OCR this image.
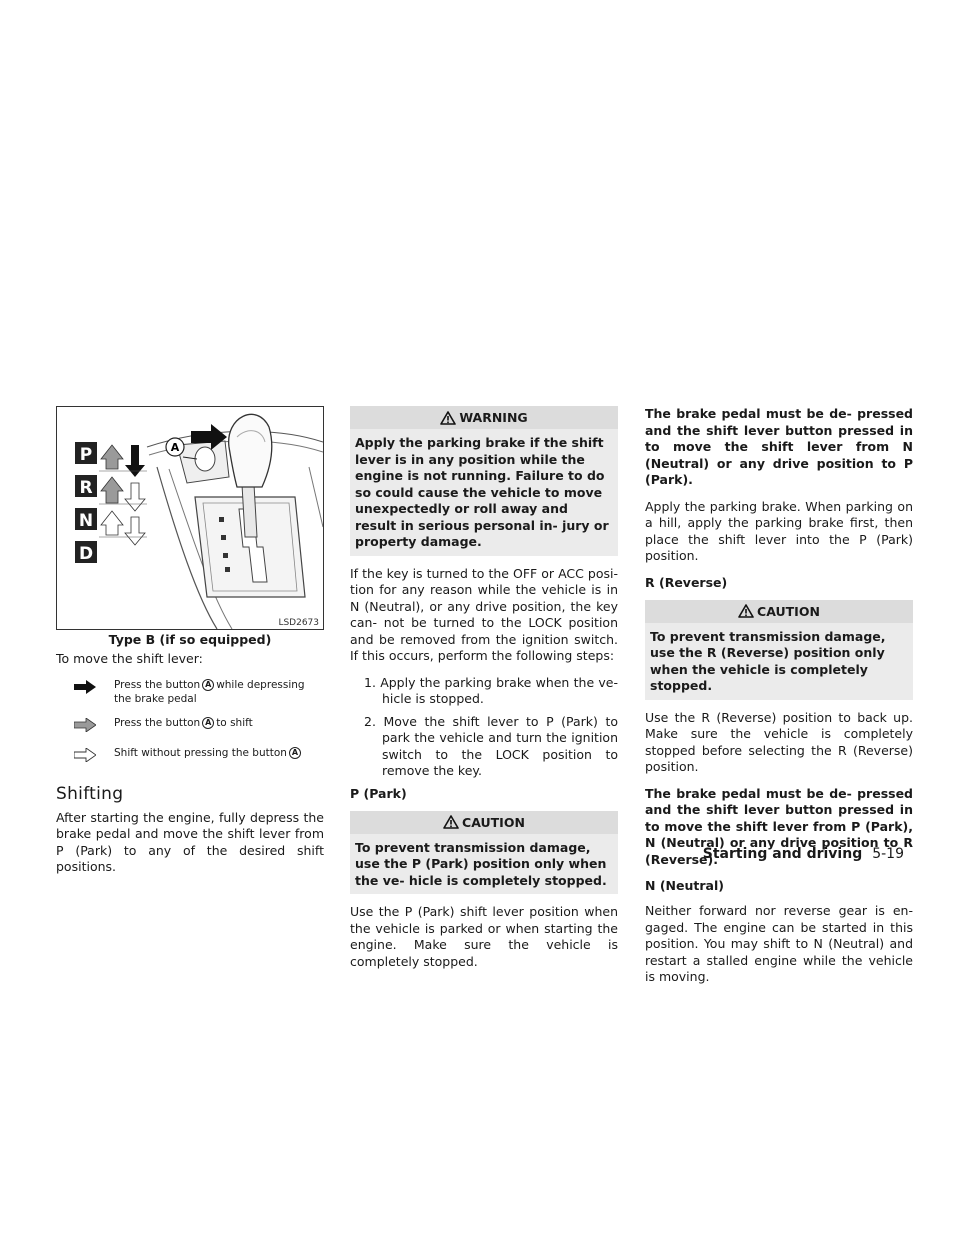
A
P
R
N
D
LSD2673
Type B (if so equipped)

To move the shift lever:

Press the button A while depressing the brake pedal
Press the button A to shift
Shift without pressing the button A
Shifting

After starting the engine, fully depress the brake pedal and move the shift lever from P (Park) to any of the desired shift positions.

WARNING
Apply the parking brake if the shift lever is in any position while the engine is not running. Failure to do so could cause the vehicle to move unexpectedly or roll away and result in serious personal in- jury or property damage.

If the key is turned to the OFF or ACC posi- tion for any reason while the vehicle is in N (Neutral), or any drive position, the key can- not be turned to the LOCK position and be removed from the ignition switch. If this occurs, perform the following steps:

1. Apply the parking brake when the ve- hicle is stopped.
2. Move the shift lever to P (Park) to park the vehicle and turn the ignition switch to the LOCK position to remove the key.
P (Park)
CAUTION
To prevent transmission damage, use the P (Park) position only when the ve- hicle is completely stopped.

Use the P (Park) shift lever position when the vehicle is parked or when starting the engine. Make sure the vehicle is completely stopped.

The brake pedal must be de- pressed and the shift lever button pressed in to move the shift lever from N (Neutral) or any drive position to P (Park).

Apply the parking brake. When parking on a hill, apply the parking brake first, then place the shift lever into the P (Park) position.

R (Reverse)
CAUTION
To prevent transmission damage, use the R (Reverse) position only when the vehicle is completely stopped.

Use the R (Reverse) position to back up. Make sure the vehicle is completely stopped before selecting the R (Reverse) position.

The brake pedal must be de- pressed and the shift lever button pressed in to move the shift lever from P (Park), N (Neutral) or any drive position to R (Reverse).

N (Neutral)

Neither forward nor reverse gear is en- gaged. The engine can be started in this position. You may shift to N (Neutral) and restart a stalled engine while the vehicle is moving.

Starting and driving 5-19
